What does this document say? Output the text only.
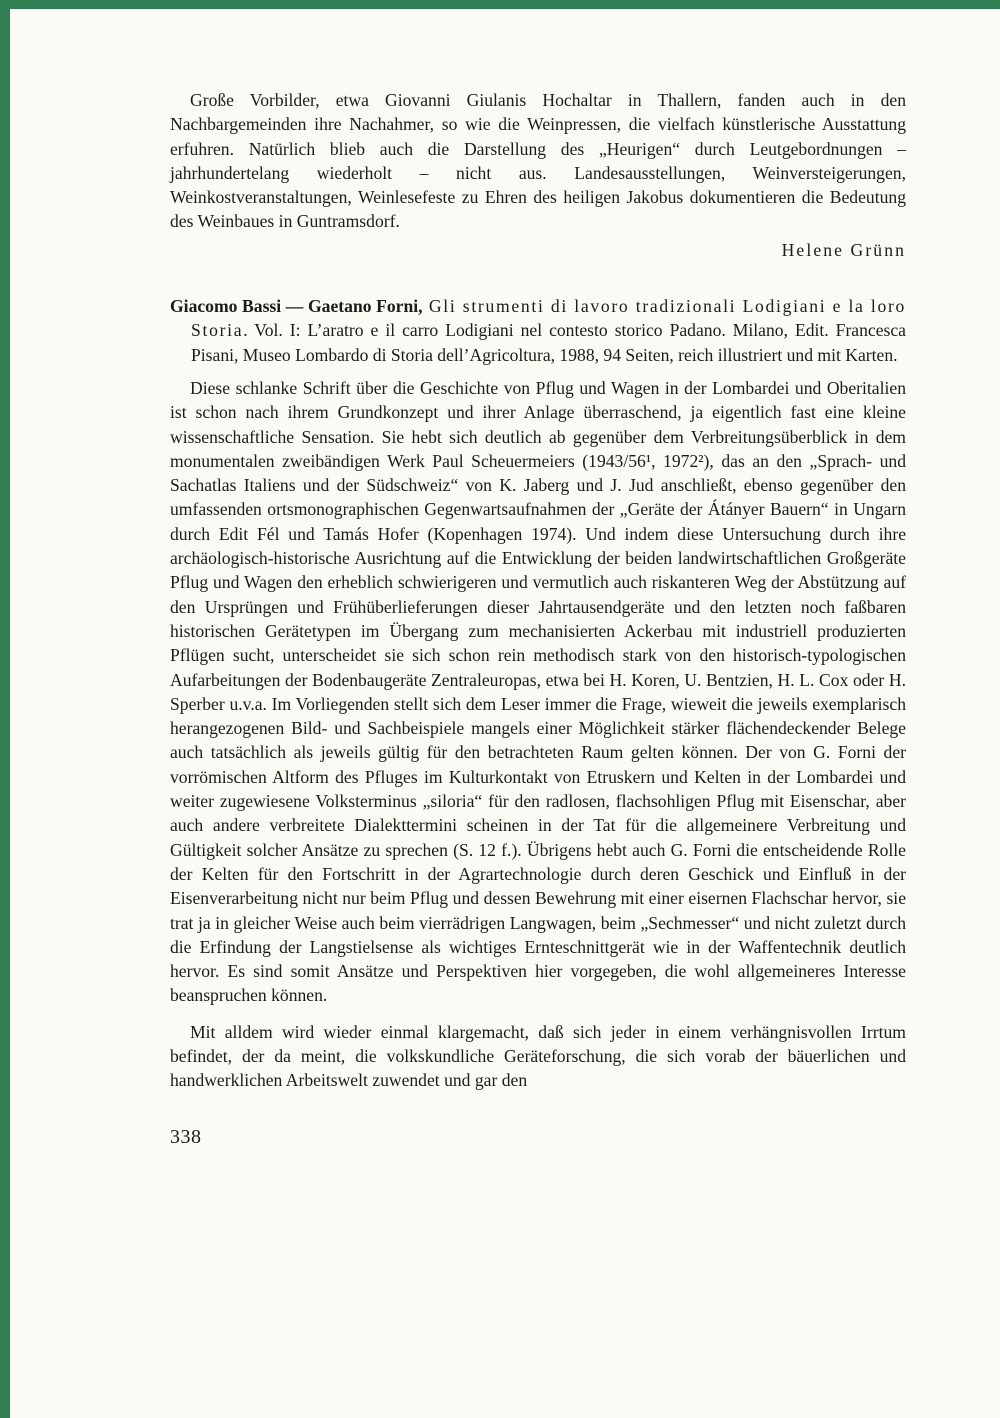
Große Vorbilder, etwa Giovanni Giulanis Hochaltar in Thallern, fanden auch in den Nachbargemeinden ihre Nachahmer, so wie die Weinpressen, die vielfach künstlerische Ausstattung erfuhren. Natürlich blieb auch die Darstellung des „Heurigen“ durch Leutgebordnungen – jahrhundertelang wiederholt – nicht aus. Landesausstellungen, Weinversteigerungen, Weinkostveranstaltungen, Weinlesefeste zu Ehren des heiligen Jakobus dokumentieren die Bedeutung des Weinbaues in Guntramsdorf.

Helene Grünn

Giacomo Bassi — Gaetano Forni, Gli strumenti di lavoro tradizionali Lodigiani e la loro Storia. Vol. I: L’aratro e il carro Lodigiani nel contesto storico Padano. Milano, Edit. Francesca Pisani, Museo Lombardo di Storia dell’Agricoltura, 1988, 94 Seiten, reich illustriert und mit Karten.

Diese schlanke Schrift über die Geschichte von Pflug und Wagen in der Lombardei und Oberitalien ist schon nach ihrem Grundkonzept und ihrer Anlage überraschend, ja eigentlich fast eine kleine wissenschaftliche Sensation. Sie hebt sich deutlich ab gegenüber dem Verbreitungsüberblick in dem monumentalen zweibändigen Werk Paul Scheuermeiers (1943/56¹, 1972²), das an den „Sprach- und Sachatlas Italiens und der Südschweiz“ von K. Jaberg und J. Jud anschließt, ebenso gegenüber den umfassenden ortsmonographischen Gegenwartsaufnahmen der „Geräte der Átányer Bauern“ in Ungarn durch Edit Fél und Tamás Hofer (Kopenhagen 1974). Und indem diese Untersuchung durch ihre archäologisch-historische Ausrichtung auf die Entwicklung der beiden landwirtschaftlichen Großgeräte Pflug und Wagen den erheblich schwierigeren und vermutlich auch riskanteren Weg der Abstützung auf den Ursprüngen und Frühüberlieferungen dieser Jahrtausendgeräte und den letzten noch faßbaren historischen Gerätetypen im Übergang zum mechanisierten Ackerbau mit industriell produzierten Pflügen sucht, unterscheidet sie sich schon rein methodisch stark von den historisch-typologischen Aufarbeitungen der Bodenbaugeräte Zentraleuropas, etwa bei H. Koren, U. Bentzien, H. L. Cox oder H. Sperber u.v.a. Im Vorliegenden stellt sich dem Leser immer die Frage, wieweit die jeweils exemplarisch herangezogenen Bild- und Sachbeispiele mangels einer Möglichkeit stärker flächendeckender Belege auch tatsächlich als jeweils gültig für den betrachteten Raum gelten können. Der von G. Forni der vorrömischen Altform des Pfluges im Kulturkontakt von Etruskern und Kelten in der Lombardei und weiter zugewiesene Volksterminus „siloria“ für den radlosen, flachsohligen Pflug mit Eisenschar, aber auch andere verbreitete Dialekttermini scheinen in der Tat für die allgemeinere Verbreitung und Gültigkeit solcher Ansätze zu sprechen (S. 12 f.). Übrigens hebt auch G. Forni die entscheidende Rolle der Kelten für den Fortschritt in der Agrartechnologie durch deren Geschick und Einfluß in der Eisenverarbeitung nicht nur beim Pflug und dessen Bewehrung mit einer eisernen Flachschar hervor, sie trat ja in gleicher Weise auch beim vierrädrigen Langwagen, beim „Sechmesser“ und nicht zuletzt durch die Erfindung der Langstielsense als wichtiges Ernteschnittgerät wie in der Waffentechnik deutlich hervor. Es sind somit Ansätze und Perspektiven hier vorgegeben, die wohl allgemeineres Interesse beanspruchen können.

Mit alldem wird wieder einmal klargemacht, daß sich jeder in einem verhängnisvollen Irrtum befindet, der da meint, die volkskundliche Geräteforschung, die sich vorab der bäuerlichen und handwerklichen Arbeitswelt zuwendet und gar den

338
